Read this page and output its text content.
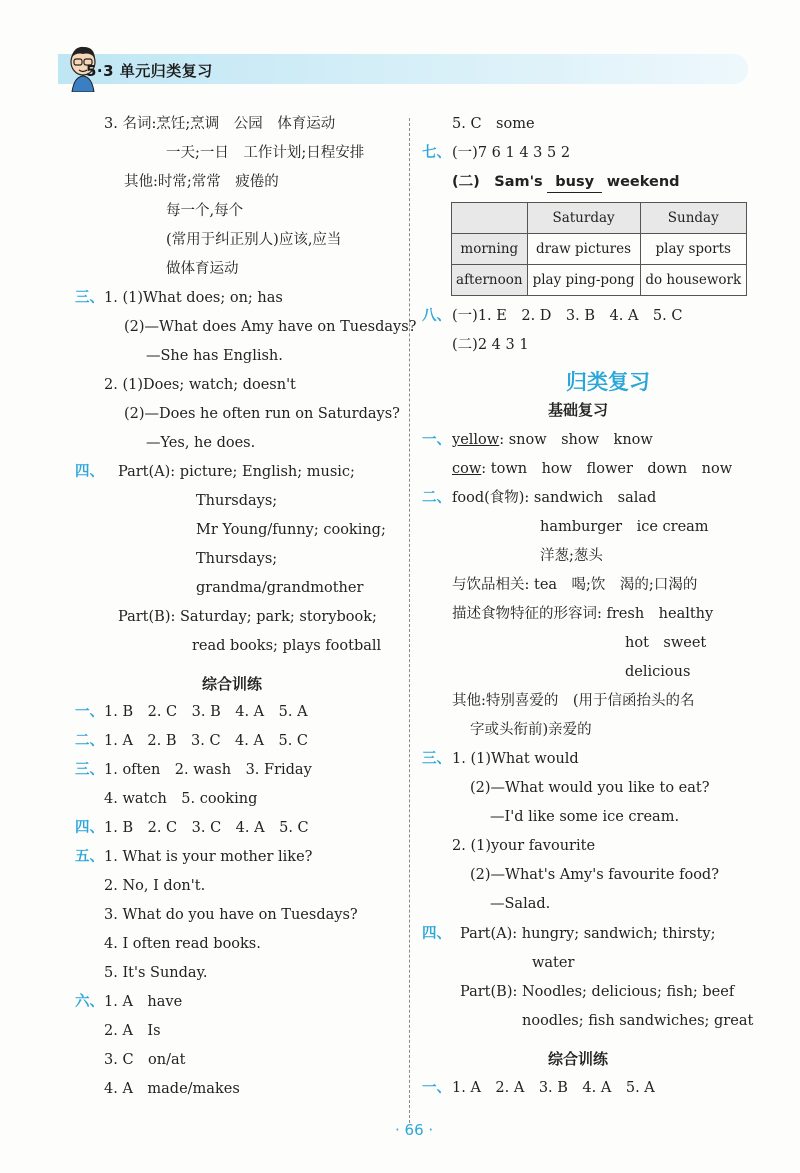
5·3 单元归类复习
3. 名词:烹饪;烹调　公园　体育运动
一天;一日　工作计划;日程安排
其他:时常;常常　疲倦的
每一个,每个
(常用于纠正别人)应该,应当
做体育运动
三、 1. (1)What does; on; has
(2)—What does Amy have on Tuesdays?
—She has English.
2. (1)Does; watch; doesn't
(2)—Does he often run on Saturdays?
—Yes, he does.
四、 Part(A): picture; English; music;
Thursdays;
Mr Young/funny; cooking;
Thursdays;
grandma/grandmother
Part(B): Saturday; park; storybook;
read books; plays football
综合训练
一、 1. B　2. C　3. B　4. A　5. A
二、 1. A　2. B　3. C　4. A　5. C
三、 1. often　2. wash　3. Friday
4. watch　5. cooking
四、 1. B　2. C　3. C　4. A　5. C
五、 1. What is your mother like?
2. No, I don't.
3. What do you have on Tuesdays?
4. I often read books.
5. It's Sunday.
六、 1. A　have
2. A　Is
3. C　on/at
4. A　made/makes
5. C　some
七、 (一)7 6 1 4 3 5 2
(二)　Sam's busy weekend
	Saturday	Sunday
morning	draw pictures	play sports
afternoon	play ping-pong	do housework
八、 (一)1. E　2. D　3. B　4. A　5. C
(二)2 4 3 1
归类复习
基础复习
一、 yellow: snow　show　know
cow: town　how　flower　down　now
二、 food(食物): sandwich　salad
hamburger　ice cream
洋葱;葱头
与饮品相关: tea　喝;饮　渴的;口渴的
描述食物特征的形容词: fresh　healthy
hot　sweet
delicious
其他:特别喜爱的　(用于信函抬头的名
字或头衔前)亲爱的
三、 1. (1)What would
(2)—What would you like to eat?
—I'd like some ice cream.
2. (1)your favourite
(2)—What's Amy's favourite food?
—Salad.
四、 Part(A): hungry; sandwich; thirsty;
water
Part(B): Noodles; delicious; fish; beef
noodles; fish sandwiches; great
综合训练
一、 1. A　2. A　3. B　4. A　5. A
· 66 ·
